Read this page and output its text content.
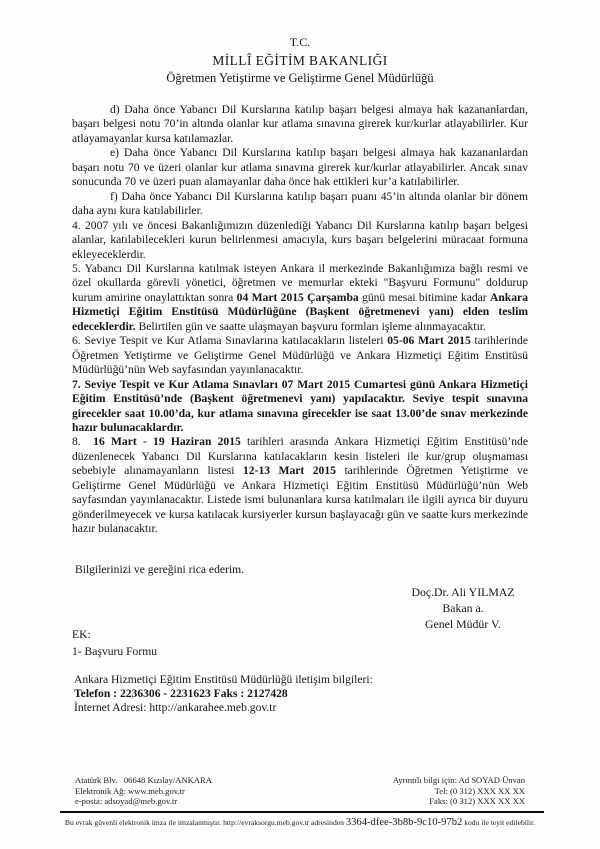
T.C.
MİLLÎ EĞİTİM BAKANLIĞI
Öğretmen Yetiştirme ve Geliştirme Genel Müdürlüğü

d) Daha önce Yabancı Dil Kurslarına katılıp başarı belgesi almaya hak kazananlardan, başarı belgesi notu 70’in altında olanlar kur atlama sınavına girerek kur/kurlar atlayabilirler. Kur atlayamayanlar kursa katılamazlar.

e) Daha önce Yabancı Dil Kurslarına katılıp başarı belgesi almaya hak kazananlardan başarı notu 70 ve üzeri olanlar kur atlama sınavına girerek kur/kurlar atlayabilirler. Ancak sınav sonucunda 70 ve üzeri puan alamayanlar daha önce hak ettikleri kur’a katılabilirler.

f) Daha önce Yabancı Dil Kurslarına katılıp başarı puanı 45’in altında olanlar bir dönem daha aynı kura katılabilirler.

4. 2007 yılı ve öncesi Bakanlığımızın düzenlediği Yabancı Dil Kurslarına katılıp başarı belgesi alanlar, katılabilecekleri kurun belirlenmesi amacıyla, kurs başarı belgelerini müracaat formuna ekleyeceklerdir.

5. Yabancı Dil Kurslarına katılmak isteyen Ankara il merkezinde Bakanlığımıza bağlı resmi ve özel okullarda görevli yönetici, öğretmen ve memurlar ekteki "Başvuru Formunu" doldurup kurum amirine onaylattıktan sonra 04 Mart 2015 Çarşamba günü mesai bitimine kadar Ankara Hizmetiçi Eğitim Enstitüsü Müdürlüğüne (Başkent öğretmenevi yanı) elden teslim edeceklerdir. Belirtilen gün ve saatte ulaşmayan başvuru formları işleme alınmayacaktır.

6. Seviye Tespit ve Kur Atlama Sınavlarına katılacakların listeleri 05-06 Mart 2015 tarihlerinde Öğretmen Yetiştirme ve Geliştirme Genel Müdürlüğü ve Ankara Hizmetiçi Eğitim Enstitüsü Müdürlüğü’nün Web sayfasından yayınlanacaktır.

7. Seviye Tespit ve Kur Atlama Sınavları 07 Mart 2015 Cumartesi günü Ankara Hizmetiçi Eğitim Enstitüsü’nde (Başkent öğretmenevi yanı) yapılacaktır. Seviye tespit sınavına girecekler saat 10.00’da, kur atlama sınavına girecekler ise saat 13.00’de sınav merkezinde hazır bulunacaklardır.

8.  16 Mart - 19 Haziran 2015 tarihleri arasında Ankara Hizmetiçi Eğitim Enstitüsü’nde düzenlenecek Yabancı Dil Kurslarına katılacakların kesin listeleri ile kur/grup oluşmaması sebebiyle alınamayanların listesi 12-13 Mart 2015 tarihlerinde Öğretmen Yetiştirme ve Geliştirme Genel Müdürlüğü ve Ankara Hizmetiçi Eğitim Enstitüsü Müdürlüğü’nün Web sayfasından yayınlanacaktır. Listede ismi bulunanlara kursa katılmaları ile ilgili ayrıca bir duyuru gönderilmeyecek ve kursa katılacak kursiyerler kursun başlayacağı gün ve saatte kurs merkezinde hazır bulanacaktır.

Bilgilerinizi ve gereğini rica ederim.
Doç.Dr. Ali YILMAZ
Bakan a.
Genel Müdür V.
EK:
1- Başvuru Formu
Ankara Hizmetiçi Eğitim Enstitüsü Müdürlüğü iletişim bilgileri:
Telefon : 2236306 - 2231623 Faks : 2127428
İnternet Adresi: http://ankarahee.meb.gov.tr
Atatürk Blv.   06648 Kızılay/ANKARA
Elektronik Ağ: www.meb.gov.tr
e-posta: adsoyad@meb.gov.tr
Ayrıntılı bilgi için: Ad SOYAD Ünvan
Tel: (0 312) XXX XX XX
Faks: (0 312) XXX XX XX
Bu evrak güvenli elektronik imza ile imzalanmıştır. http://evraksorgu.meb.gov.tr adresinden 3364-dfee-3b8b-9c10-97b2 kodu ile teyit edilebilir.
